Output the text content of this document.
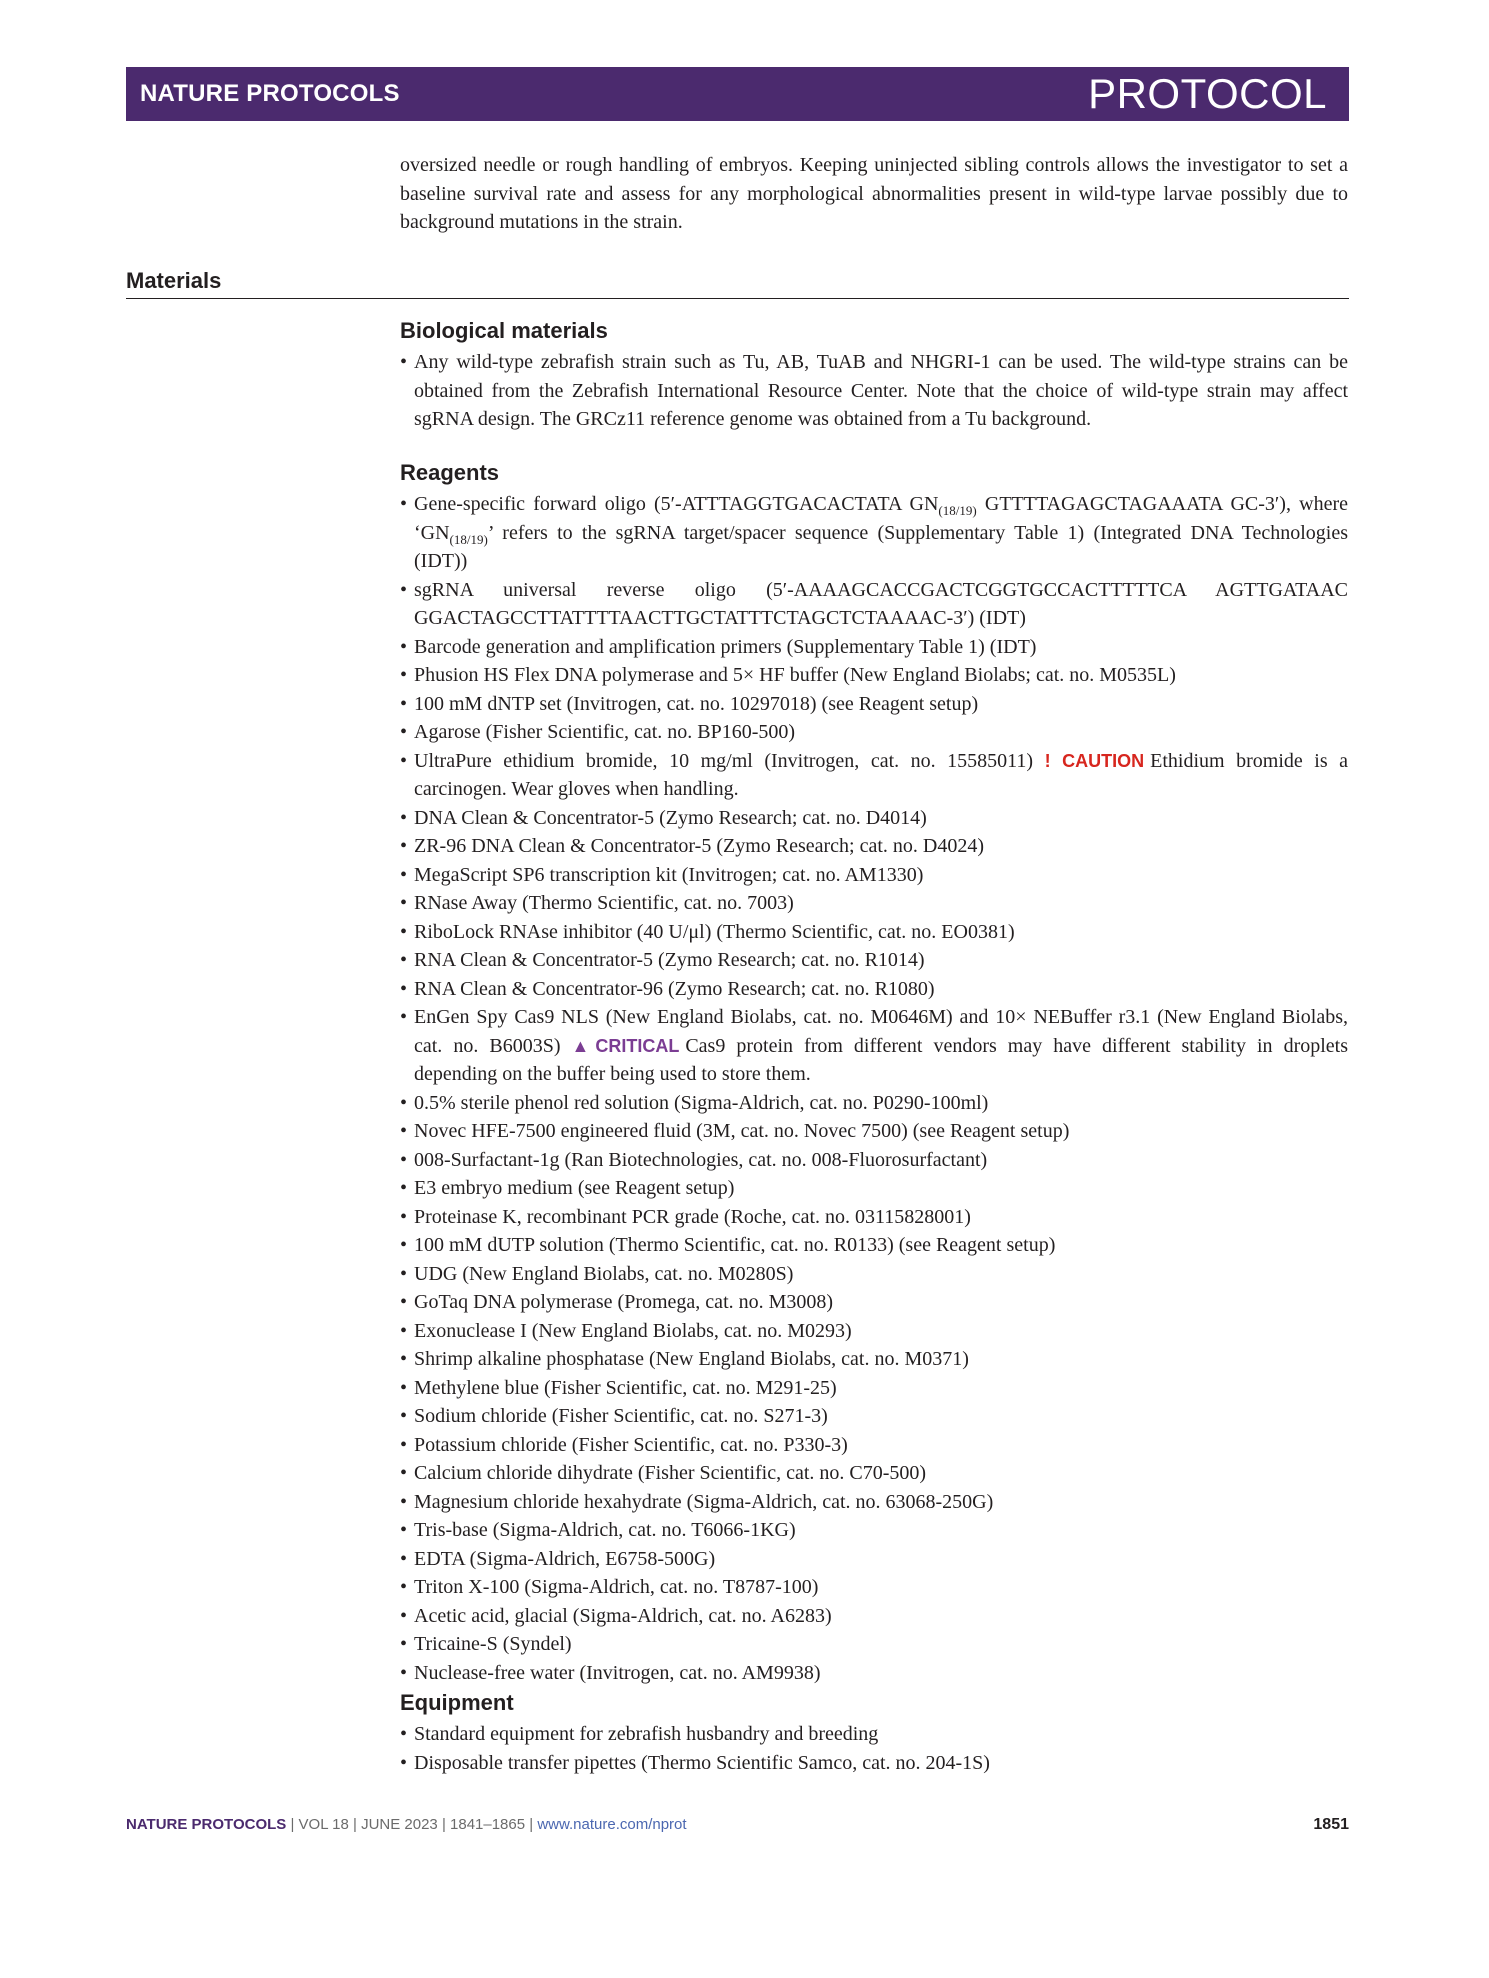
NATURE PROTOCOLS	PROTOCOL
oversized needle or rough handling of embryos. Keeping uninjected sibling controls allows the investigator to set a baseline survival rate and assess for any morphological abnormalities present in wild-type larvae possibly due to background mutations in the strain.
Materials
Biological materials
• Any wild-type zebrafish strain such as Tu, AB, TuAB and NHGRI-1 can be used. The wild-type strains can be obtained from the Zebrafish International Resource Center. Note that the choice of wild-type strain may affect sgRNA design. The GRCz11 reference genome was obtained from a Tu background.
Reagents
• Gene-specific forward oligo (5′-ATTTAGGTGACACTATA $GN_{(18/19)}$ GTTTTAGAGCTAGAAATA GC-3′), where ‘$GN_{(18/19)}$’ refers to the sgRNA target/spacer sequence (Supplementary Table 1) (Integrated DNA Technologies (IDT))
• sgRNA universal reverse oligo (5′-AAAAGCACCGACTCGGTGCCACTTTTTCA AGTTGATAAC GGACTAGCCTTATTTTAACTTGCTATTTCTAGCTCTAAAAC-3′) (IDT)
• Barcode generation and amplification primers (Supplementary Table 1) (IDT)
• Phusion HS Flex DNA polymerase and 5× HF buffer (New England Biolabs; cat. no. M0535L)
• 100 mM dNTP set (Invitrogen, cat. no. 10297018) (see Reagent setup)
• Agarose (Fisher Scientific, cat. no. BP160-500)
• UltraPure ethidium bromide, 10 mg/ml (Invitrogen, cat. no. 15585011) ! CAUTION Ethidium bromide is a carcinogen. Wear gloves when handling.
• DNA Clean & Concentrator-5 (Zymo Research; cat. no. D4014)
• ZR-96 DNA Clean & Concentrator-5 (Zymo Research; cat. no. D4024)
• MegaScript SP6 transcription kit (Invitrogen; cat. no. AM1330)
• RNase Away (Thermo Scientific, cat. no. 7003)
• RiboLock RNAse inhibitor (40 U/μl) (Thermo Scientific, cat. no. EO0381)
• RNA Clean & Concentrator-5 (Zymo Research; cat. no. R1014)
• RNA Clean & Concentrator-96 (Zymo Research; cat. no. R1080)
• EnGen Spy Cas9 NLS (New England Biolabs, cat. no. M0646M) and 10× NEBuffer r3.1 (New England Biolabs, cat. no. B6003S) ▲CRITICAL Cas9 protein from different vendors may have different stability in droplets depending on the buffer being used to store them.
• 0.5% sterile phenol red solution (Sigma-Aldrich, cat. no. P0290-100ml)
• Novec HFE-7500 engineered fluid (3M, cat. no. Novec 7500) (see Reagent setup)
• 008-Surfactant-1g (Ran Biotechnologies, cat. no. 008-Fluorosurfactant)
• E3 embryo medium (see Reagent setup)
• Proteinase K, recombinant PCR grade (Roche, cat. no. 03115828001)
• 100 mM dUTP solution (Thermo Scientific, cat. no. R0133) (see Reagent setup)
• UDG (New England Biolabs, cat. no. M0280S)
• GoTaq DNA polymerase (Promega, cat. no. M3008)
• Exonuclease I (New England Biolabs, cat. no. M0293)
• Shrimp alkaline phosphatase (New England Biolabs, cat. no. M0371)
• Methylene blue (Fisher Scientific, cat. no. M291-25)
• Sodium chloride (Fisher Scientific, cat. no. S271-3)
• Potassium chloride (Fisher Scientific, cat. no. P330-3)
• Calcium chloride dihydrate (Fisher Scientific, cat. no. C70-500)
• Magnesium chloride hexahydrate (Sigma-Aldrich, cat. no. 63068-250G)
• Tris-base (Sigma-Aldrich, cat. no. T6066-1KG)
• EDTA (Sigma-Aldrich, E6758-500G)
• Triton X-100 (Sigma-Aldrich, cat. no. T8787-100)
• Acetic acid, glacial (Sigma-Aldrich, cat. no. A6283)
• Tricaine-S (Syndel)
• Nuclease-free water (Invitrogen, cat. no. AM9938)
Equipment
• Standard equipment for zebrafish husbandry and breeding
• Disposable transfer pipettes (Thermo Scientific Samco, cat. no. 204-1S)
NATURE PROTOCOLS | VOL 18 | JUNE 2023 | 1841–1865 | www.nature.com/nprot	1851
